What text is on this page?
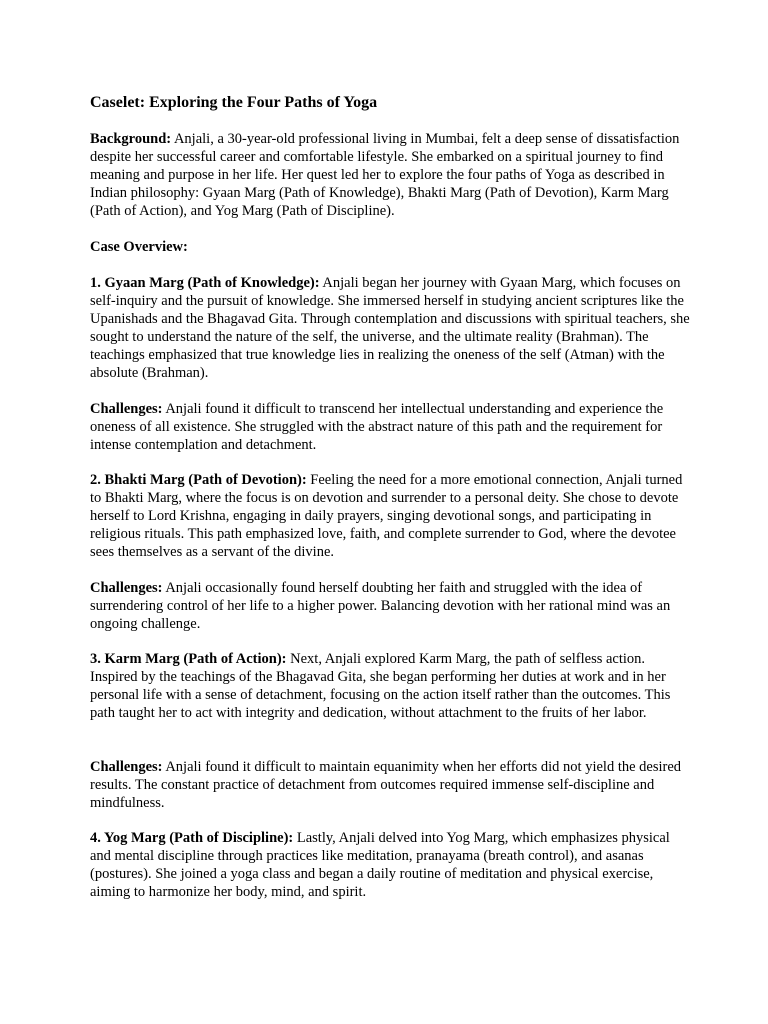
Caselet: Exploring the Four Paths of Yoga

Background: Anjali, a 30-year-old professional living in Mumbai, felt a deep sense of dissatisfaction despite her successful career and comfortable lifestyle. She embarked on a spiritual journey to find meaning and purpose in her life. Her quest led her to explore the four paths of Yoga as described in Indian philosophy: Gyaan Marg (Path of Knowledge), Bhakti Marg (Path of Devotion), Karm Marg (Path of Action), and Yog Marg (Path of Discipline).

Case Overview:

1. Gyaan Marg (Path of Knowledge): Anjali began her journey with Gyaan Marg, which focuses on self-inquiry and the pursuit of knowledge. She immersed herself in studying ancient scriptures like the Upanishads and the Bhagavad Gita. Through contemplation and discussions with spiritual teachers, she sought to understand the nature of the self, the universe, and the ultimate reality (Brahman). The teachings emphasized that true knowledge lies in realizing the oneness of the self (Atman) with the absolute (Brahman).

Challenges: Anjali found it difficult to transcend her intellectual understanding and experience the oneness of all existence. She struggled with the abstract nature of this path and the requirement for intense contemplation and detachment.

2. Bhakti Marg (Path of Devotion): Feeling the need for a more emotional connection, Anjali turned to Bhakti Marg, where the focus is on devotion and surrender to a personal deity. She chose to devote herself to Lord Krishna, engaging in daily prayers, singing devotional songs, and participating in religious rituals. This path emphasized love, faith, and complete surrender to God, where the devotee sees themselves as a servant of the divine.

Challenges: Anjali occasionally found herself doubting her faith and struggled with the idea of surrendering control of her life to a higher power. Balancing devotion with her rational mind was an ongoing challenge.

3. Karm Marg (Path of Action): Next, Anjali explored Karm Marg, the path of selfless action. Inspired by the teachings of the Bhagavad Gita, she began performing her duties at work and in her personal life with a sense of detachment, focusing on the action itself rather than the outcomes. This path taught her to act with integrity and dedication, without attachment to the fruits of her labor.

Challenges: Anjali found it difficult to maintain equanimity when her efforts did not yield the desired results. The constant practice of detachment from outcomes required immense self-discipline and mindfulness.

4. Yog Marg (Path of Discipline): Lastly, Anjali delved into Yog Marg, which emphasizes physical and mental discipline through practices like meditation, pranayama (breath control), and asanas (postures). She joined a yoga class and began a daily routine of meditation and physical exercise, aiming to harmonize her body, mind, and spirit.
